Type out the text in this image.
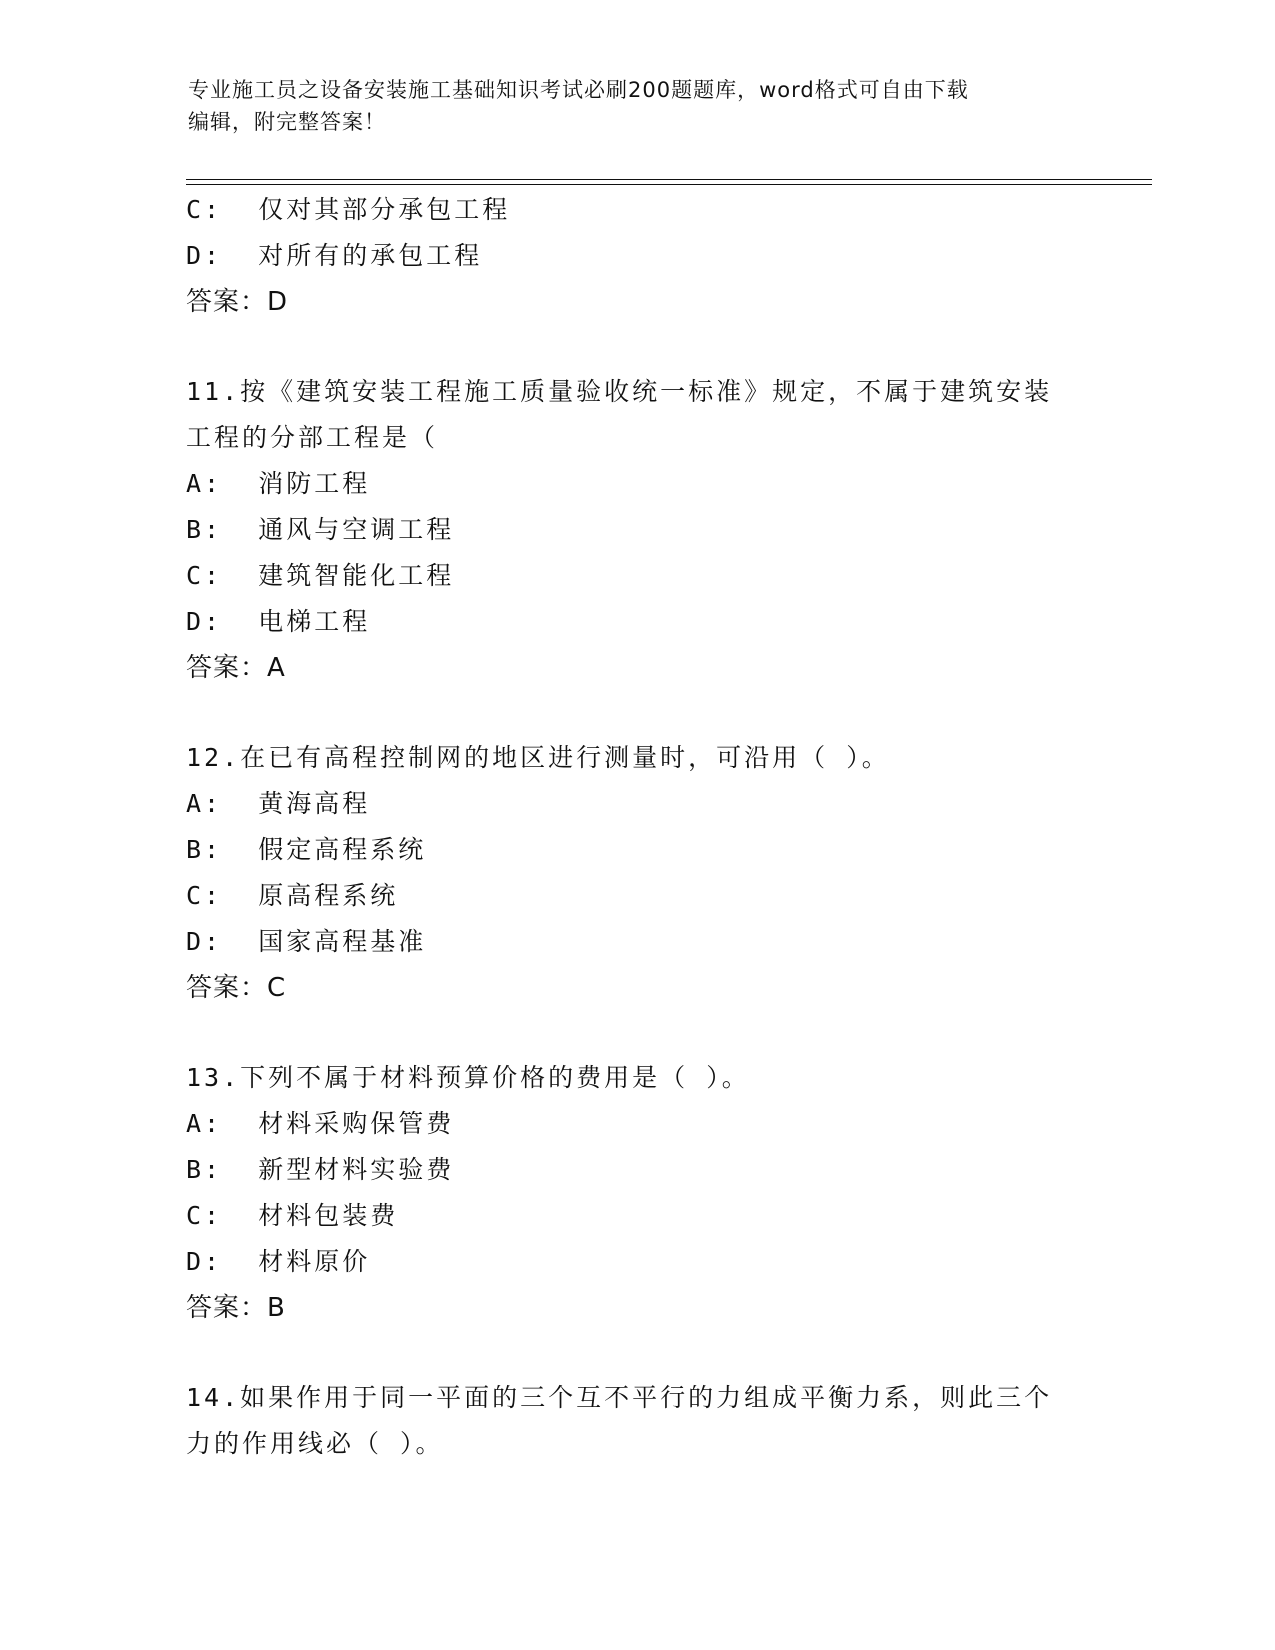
专业施工员之设备安装施工基础知识考试必刷200题题库，word格式可自由下载
编辑，附完整答案！
C:  仅对其部分承包工程
D:  对所有的承包工程
答案：D
11.按《建筑安装工程施工质量验收统一标准》规定，不属于建筑安装
工程的分部工程是（
A:  消防工程
B:  通风与空调工程
C:  建筑智能化工程
D:  电梯工程
答案：A
12.在已有高程控制网的地区进行测量时，可沿用（ ）。
A:  黄海高程
B:  假定高程系统
C:  原高程系统
D:  国家高程基准
答案：C
13.下列不属于材料预算价格的费用是（ ）。
A:  材料采购保管费
B:  新型材料实验费
C:  材料包装费
D:  材料原价
答案：B
14.如果作用于同一平面的三个互不平行的力组成平衡力系，则此三个
力的作用线必（ ）。
